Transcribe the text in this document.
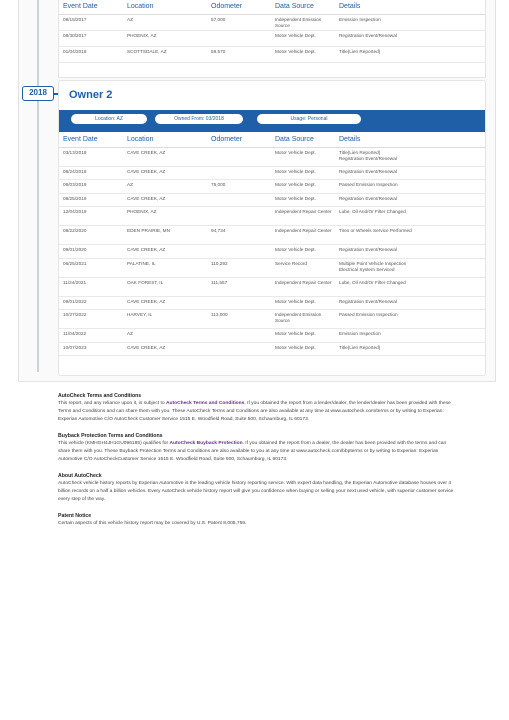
2018
Event Date	Location	Odometer	Data Source	Details
08/15/2017	AZ	57,000	Independent Emission Source	Emission Inspection
08/30/2017	PHOENIX, AZ		Motor Vehicle Dept.	Registration Event/Renewal
01/04/2018	SCOTTSDALE, AZ	59,570	Motor Vehicle Dept.	Title(Lien Reported)
Owner 2
Location: AZ	Owned From: 03/2018	Usage: Personal
Event Date	Location	Odometer	Data Source	Details
03/13/2018	CAVE CREEK, AZ		Motor Vehicle Dept.	Title(Lien Reported)
Registration Event/Renewal

08/24/2018	CAVE CREEK, AZ		Motor Vehicle Dept.	Registration Event/Renewal

08/03/2019	AZ	75,000	Motor Vehicle Dept.	Passed Emission Inspection

08/25/2019	CAVE CREEK, AZ		Motor Vehicle Dept.	Registration Event/Renewal

12/04/2019	PHOENIX, AZ		Independent Repair Center	Lube, Oil And/Or Filter Changed

08/22/2020	EDEN PRAIRIE, MN	94,734	Independent Repair Center	Tires or Wheels Service Performed

09/01/2020	CAVE CREEK, AZ		Motor Vehicle Dept.	Registration Event/Renewal

06/25/2021	PALATINE, IL	110,292	Service Record	Multiple Point Vehicle Inspection
Electrical System Serviced

11/24/2021	OAK FOREST, IL	111,557	Independent Repair Center	Lube, Oil And/Or Filter Changed

09/01/2022	CAVE CREEK, AZ		Motor Vehicle Dept.	Registration Event/Renewal

10/27/2022	HARVEY, IL	113,000	Independent Emission Source	Passed Emission Inspection

11/04/2022	AZ		Motor Vehicle Dept.	Emission Inspection

10/07/2023	CAVE CREEK, AZ		Motor Vehicle Dept.	Title(Lien Reported)
AutoCheck Terms and Conditions

This report, and any reliance upon it, is subject to AutoCheck Terms and Conditions. If you obtained the report from a lender/dealer, the lender/dealer has been provided with these Terms and Conditions and can share them with you. These AutoCheck Terms and Conditions are also available at any time at www.autocheck.com/terms or by writing to Experian: Experian Automotive C/O AutoCheck Customer Service 1515 E. Woodfield Road, Suite 500, Schaumburg, IL 60173.

Buyback Protection Terms and Conditions

This vehicle (KMHGH4JH1GU096185) qualifies for AutoCheck Buyback Protection. If you obtained the report from a dealer, the dealer has been provided with the terms and can share them with you. These Buyback Protection Terms and Conditions are also available to you at any time at www.autocheck.com/bbpterms or by writing to Experian: Experian Automotive C/O AutoCheckCustomer Service 1515 E. Woodfield Road, Suite 500, Schaumburg, IL 60173.

About AutoCheck

AutoCheck vehicle history reports by Experian Automotive is the leading vehicle history reporting service. With expert data handling, the Experian Automotive database houses over 4 billion records on a half a billion vehicles. Every AutoCheck vehicle history report will give you confidence when buying or selling your next used vehicle, with superior customer service every step of the way.

Patent Notice

Certain aspects of this vehicle history report may be covered by U.S. Patent 8,005,759.
